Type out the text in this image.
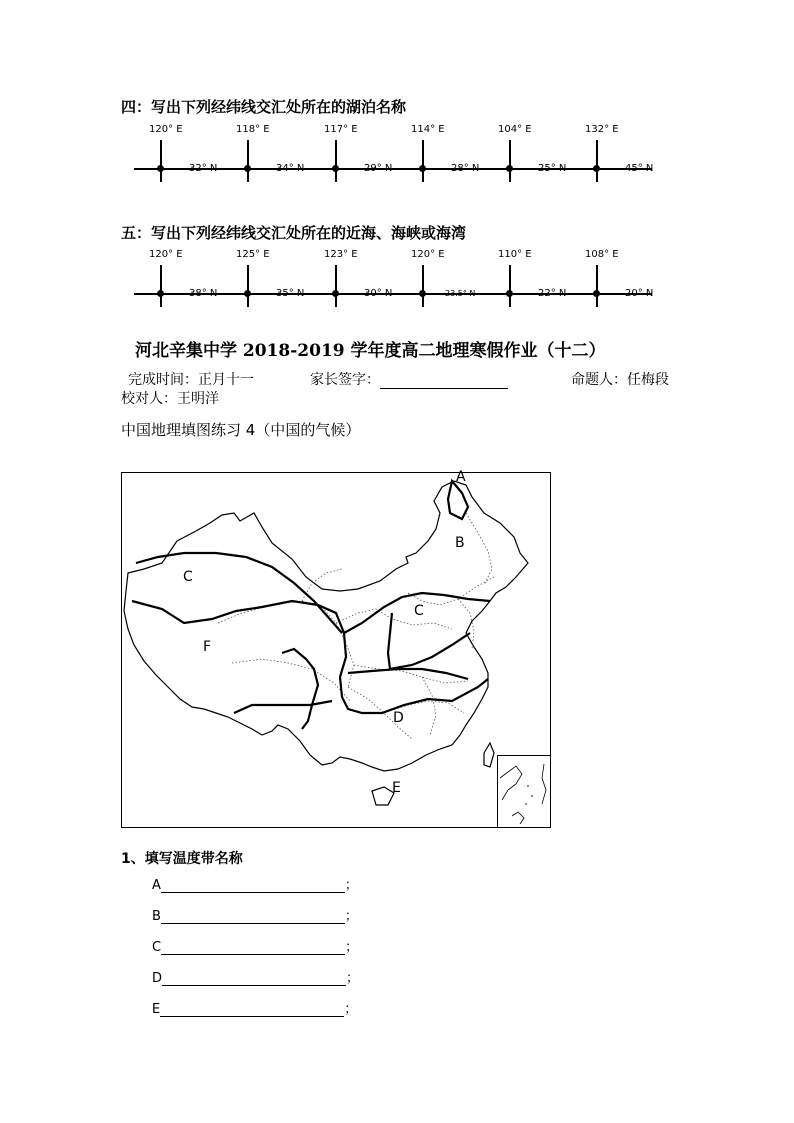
四：写出下列经纬线交汇处所在的湖泊名称
120° E
32° N
118° E
34° N
117° E
29° N
114° E
28° N
104° E
25° N
132° E
45° N
五：写出下列经纬线交汇处所在的近海、海峡或海湾
120° E
38° N
125° E
35° N
123° E
30° N
120° E
23.5° N
110° E
22° N
108° E
20° N
河北辛集中学 2018-2019 学年度高二地理寒假作业（十二）
完成时间：正月十一	家长签字：	命题人：任梅段
校对人：王明洋
中国地理填图练习 4（中国的气候）
A
B
C
C
F
D
E
1、填写温度带名称
A	；
B	；
C	；
D	；
E	；
